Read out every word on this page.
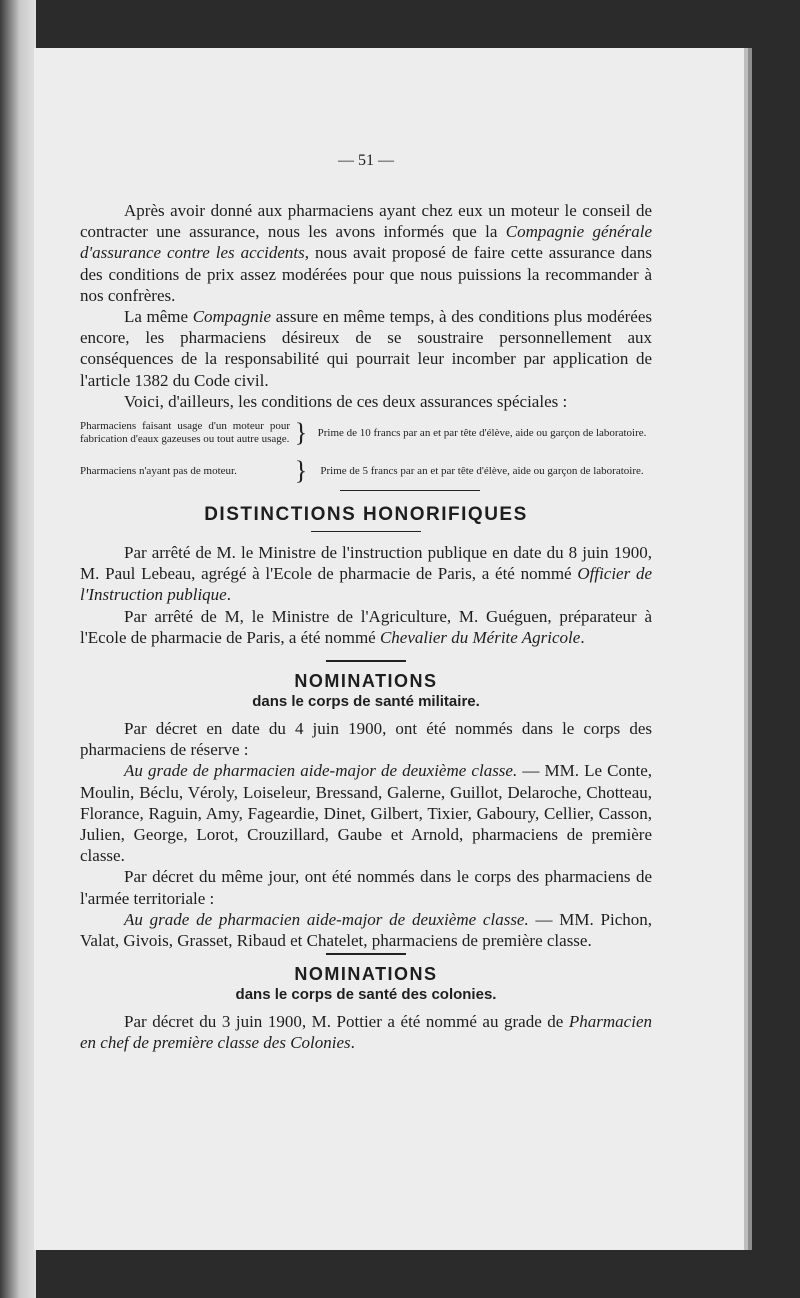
— 51 —

Après avoir donné aux pharmaciens ayant chez eux un moteur le conseil de contracter une assurance, nous les avons informés que la Compagnie générale d'assurance contre les accidents, nous avait proposé de faire cette assurance dans des conditions de prix assez modérées pour que nous puissions la recommander à nos confrères.

La même Compagnie assure en même temps, à des conditions plus modérées encore, les pharmaciens désireux de se soustraire personnellement aux conséquences de la responsabilité qui pourrait leur incomber par application de l'article 1382 du Code civil.

Voici, d'ailleurs, les conditions de ces deux assurances spéciales :

Pharmaciens faisant usage d'un moteur pour fabrication d'eaux gazeuses ou tout autre usage. } Prime de 10 francs par an et par tête d'élève, aide ou garçon de laboratoire.
Pharmaciens n'ayant pas de moteur.	}	Prime de 5 francs par an et par tête d'élève, aide ou garçon de laboratoire.
DISTINCTIONS HONORIFIQUES

Par arrêté de M. le Ministre de l'instruction publique en date du 8 juin 1900, M. Paul Lebeau, agrégé à l'Ecole de pharmacie de Paris, a été nommé Officier de l'Instruction publique.

Par arrêté de M, le Ministre de l'Agriculture, M. Guéguen, préparateur à l'Ecole de pharmacie de Paris, a été nommé Chevalier du Mérite Agricole.

NOMINATIONS
dans le corps de santé militaire.

Par décret en date du 4 juin 1900, ont été nommés dans le corps des pharmaciens de réserve :

Au grade de pharmacien aide-major de deuxième classe. — MM. Le Conte, Moulin, Béclu, Véroly, Loiseleur, Bressand, Galerne, Guillot, Delaroche, Chotteau, Florance, Raguin, Amy, Fageardie, Dinet, Gilbert, Tixier, Gaboury, Cellier, Casson, Julien, George, Lorot, Crouzillard, Gaube et Arnold, pharmaciens de première classe.

Par décret du même jour, ont été nommés dans le corps des pharmaciens de l'armée territoriale :

Au grade de pharmacien aide-major de deuxième classe. — MM. Pichon, Valat, Givois, Grasset, Ribaud et Chatelet, pharmaciens de première classe.

NOMINATIONS
dans le corps de santé des colonies.

Par décret du 3 juin 1900, M. Pottier a été nommé au grade de Pharmacien en chef de première classe des Colonies.
